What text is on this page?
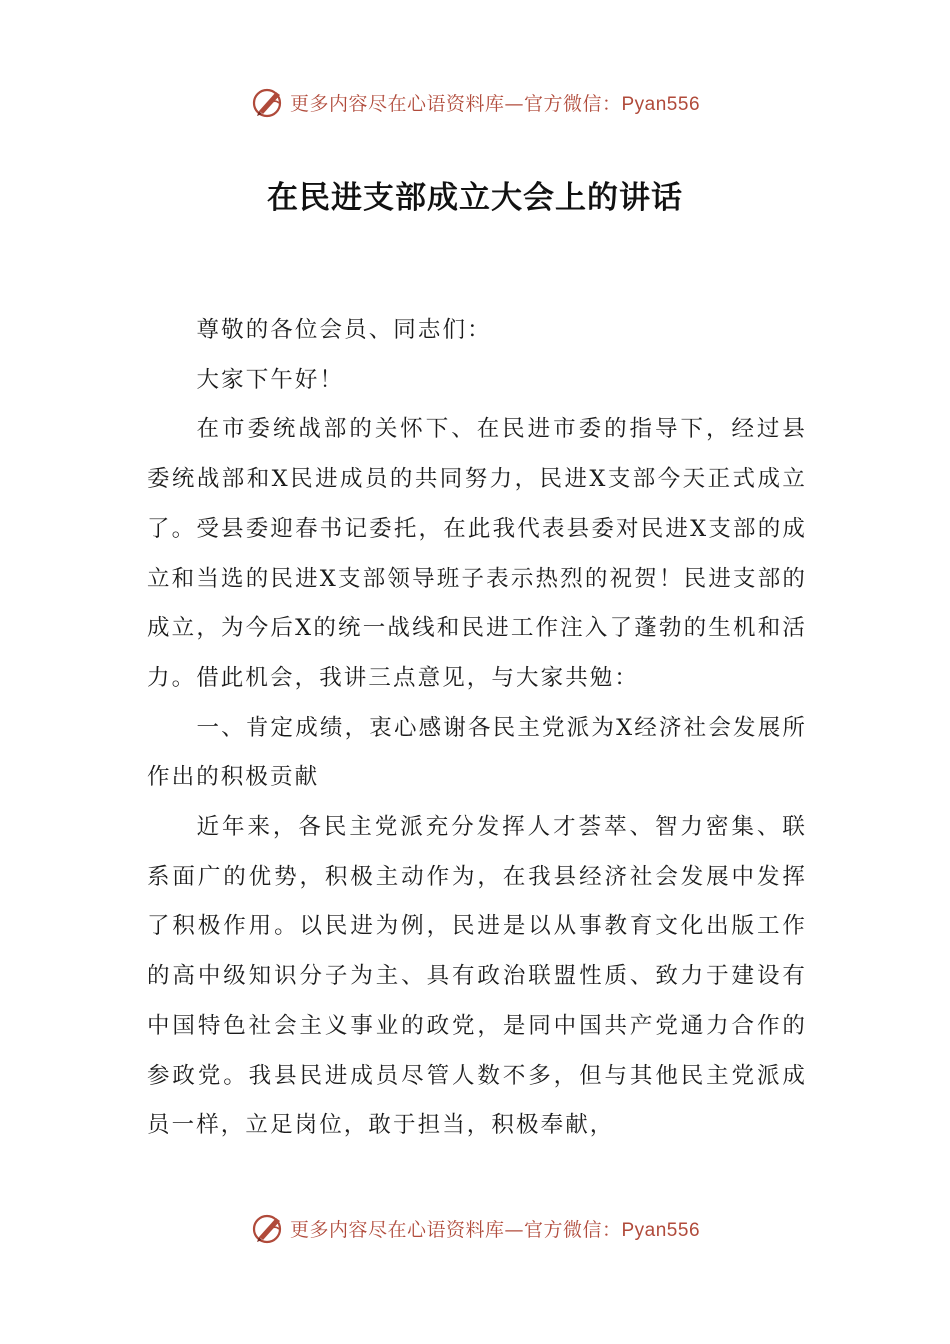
更多内容尽在心语资料库—官方微信：Pyan556
在民进支部成立大会上的讲话

尊敬的各位会员、同志们：

大家下午好！

在市委统战部的关怀下、在民进市委的指导下，经过县委统战部和X民进成员的共同努力，民进X支部今天正式成立了。受县委迎春书记委托，在此我代表县委对民进X支部的成立和当选的民进X支部领导班子表示热烈的祝贺！民进支部的成立，为今后X的统一战线和民进工作注入了蓬勃的生机和活力。借此机会，我讲三点意见，与大家共勉：

一、肯定成绩，衷心感谢各民主党派为X经济社会发展所作出的积极贡献

近年来，各民主党派充分发挥人才荟萃、智力密集、联系面广的优势，积极主动作为，在我县经济社会发展中发挥了积极作用。以民进为例，民进是以从事教育文化出版工作的高中级知识分子为主、具有政治联盟性质、致力于建设有中国特色社会主义事业的政党，是同中国共产党通力合作的参政党。我县民进成员尽管人数不多，但与其他民主党派成员一样，立足岗位，敢于担当，积极奉献，

更多内容尽在心语资料库—官方微信：Pyan556
